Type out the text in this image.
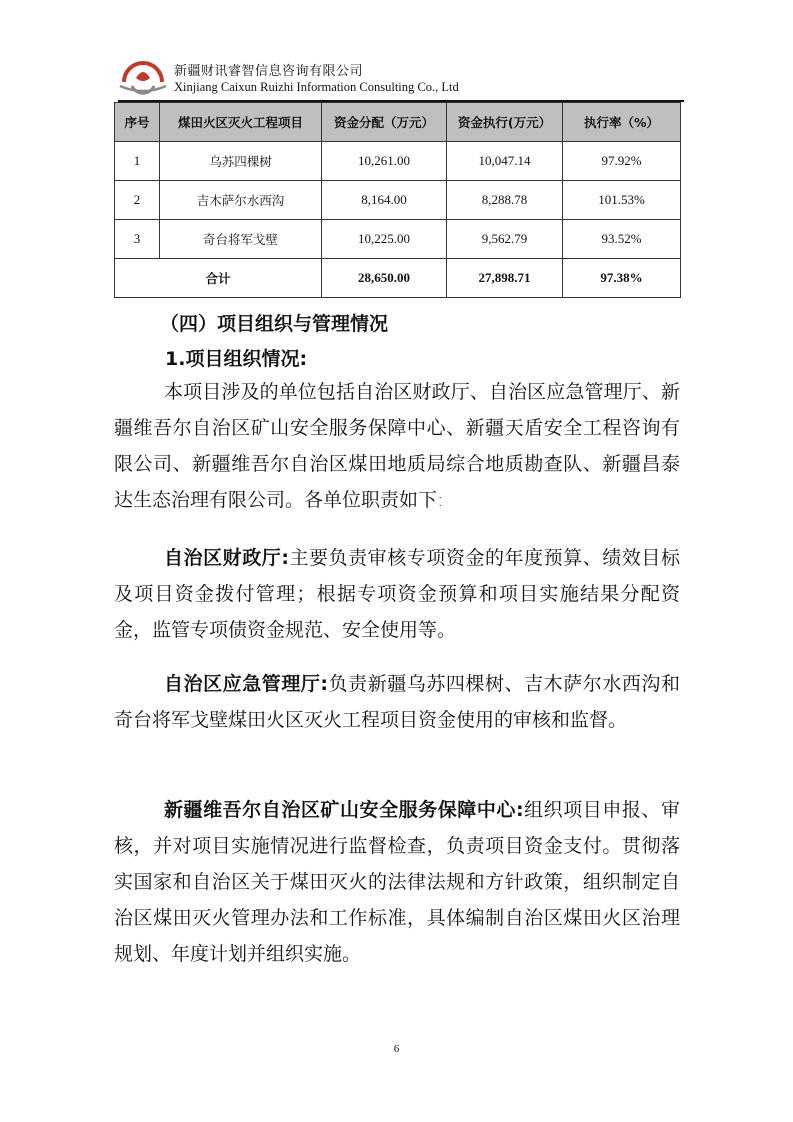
新疆财讯睿智信息咨询有限公司
Xinjiang Caixun Ruizhi Information Consulting Co., Ltd
序号	煤田火区灭火工程项目	资金分配（万元）	资金执行(万元）	执行率（%）
1	乌苏四棵树	10,261.00	10,047.14	97.92%
2	吉木萨尔水西沟	8,164.00	8,288.78	101.53%
3	奇台将军戈壁	10,225.00	9,562.79	93.52%
合计		28,650.00	27,898.71	97.38%
（四）项目组织与管理情况
1.项目组织情况:

本项目涉及的单位包括自治区财政厅、自治区应急管理厅、新疆维吾尔自治区矿山安全服务保障中心、新疆天盾安全工程咨询有限公司、新疆维吾尔自治区煤田地质局综合地质勘查队、新疆昌泰达生态治理有限公司。各单位职责如下:

自治区财政厅:主要负责审核专项资金的年度预算、绩效目标及项目资金拨付管理；根据专项资金预算和项目实施结果分配资金，监管专项债资金规范、安全使用等。

自治区应急管理厅:负责新疆乌苏四棵树、吉木萨尔水西沟和奇台将军戈壁煤田火区灭火工程项目资金使用的审核和监督。

新疆维吾尔自治区矿山安全服务保障中心:组织项目申报、审核，并对项目实施情况进行监督检查，负责项目资金支付。贯彻落实国家和自治区关于煤田灭火的法律法规和方针政策，组织制定自治区煤田灭火管理办法和工作标准，具体编制自治区煤田火区治理规划、年度计划并组织实施。

6
